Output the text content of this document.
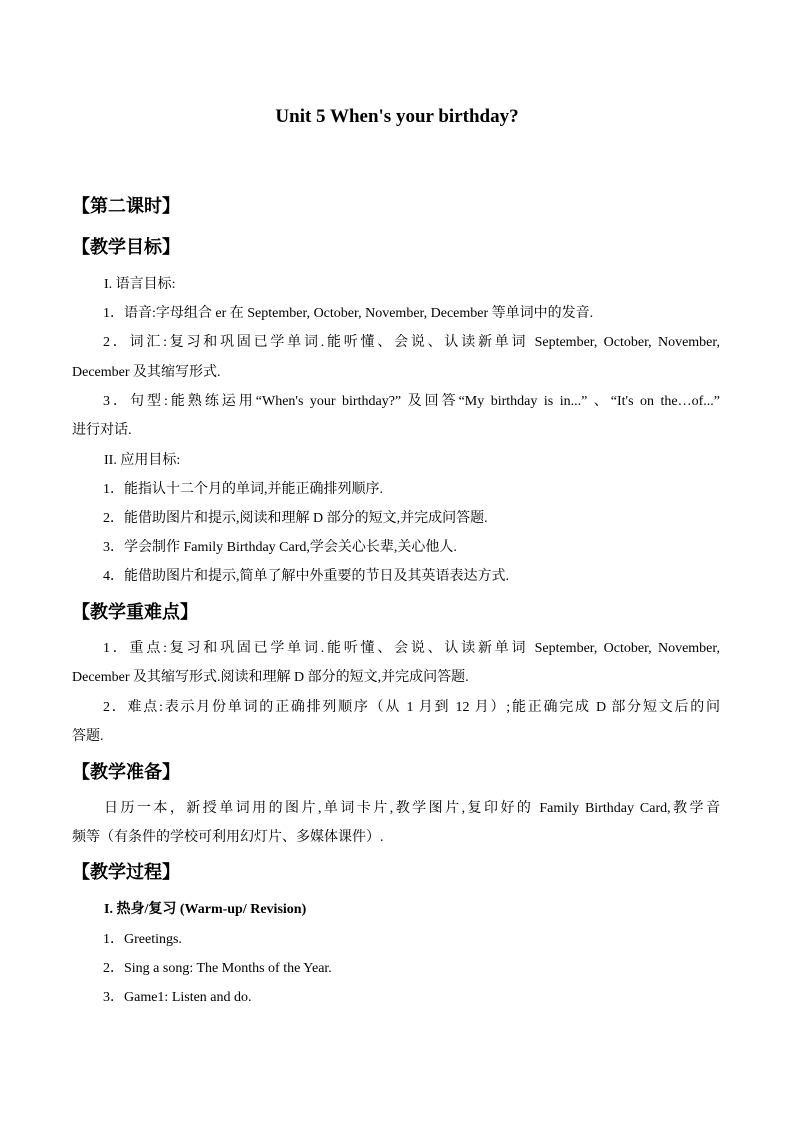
Unit 5 When's your birthday?
【第二课时】
【教学目标】
I. 语言目标:
1．语音:字母组合 er 在 September, October, November, December 等单词中的发音.
2．词汇:复习和巩固已学单词.能听懂、会说、认读新单词 September, October, November,
December 及其缩写形式.
3．句型:能熟练运用“When's your birthday?” 及回答“My birthday is in...” 、“It's on the…of...”
进行对话.
II. 应用目标:
1．能指认十二个月的单词,并能正确排列顺序.
2．能借助图片和提示,阅读和理解 D 部分的短文,并完成问答题.
3．学会制作 Family Birthday Card,学会关心长辈,关心他人.
4．能借助图片和提示,简单了解中外重要的节日及其英语表达方式.
【教学重难点】
1．重点:复习和巩固已学单词.能听懂、会说、认读新单词 September, October, November,
December 及其缩写形式.阅读和理解 D 部分的短文,并完成问答题.
2．难点:表示月份单词的正确排列顺序（从 1 月到 12 月）;能正确完成 D 部分短文后的问
答题.
【教学准备】
日历一本，新授单词用的图片,单词卡片,教学图片,复印好的 Family Birthday Card,教学音
频等（有条件的学校可利用幻灯片、多媒体课件）.
【教学过程】
I. 热身/复习 (Warm-up/ Revision)
1．Greetings.
2．Sing a song: The Months of the Year.
3．Game1: Listen and do.
